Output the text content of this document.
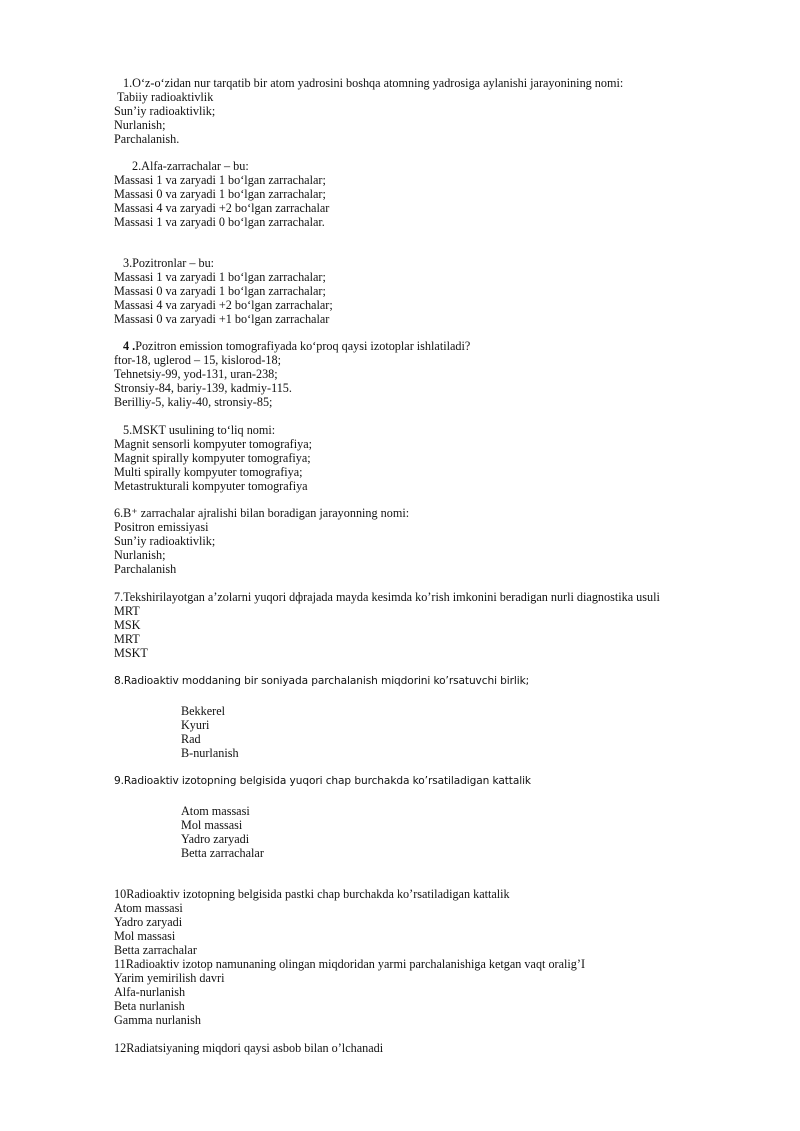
1.Oʻz-oʻzidan nur tarqatib bir atom yadrosini boshqa atomning yadrosiga aylanishi jarayonining nomi:
Tabiiy radioaktivlik
Sun’iy radioaktivlik;
Nurlanish;
Parchalanish.
2.Alfa-zarrachalar – bu:
Massasi 1 va zaryadi 1 boʻlgan zarrachalar;
Massasi 0 va zaryadi 1 boʻlgan zarrachalar;
Massasi 4 va zaryadi +2 boʻlgan zarrachalar
Massasi 1 va zaryadi 0 boʻlgan zarrachalar.
3.Pozitronlar – bu:
Massasi 1 va zaryadi 1 boʻlgan zarrachalar;
Massasi 0 va zaryadi 1 boʻlgan zarrachalar;
Massasi 4 va zaryadi +2 boʻlgan zarrachalar;
Massasi 0 va zaryadi +1 boʻlgan zarrachalar
4 .Pozitron emission tomografiyada koʻproq qaysi izotoplar ishlatiladi?
ftor-18, uglerod – 15, kislorod-18;
Tehnetsiy-99, yod-131, uran-238;
Stronsiy-84, bariy-139, kadmiy-115.
Berilliy-5, kaliy-40, stronsiy-85;
5.MSKT usulining toʻliq nomi:
Magnit sensorli kompyuter tomografiya;
Magnit spirally kompyuter tomografiya;
Multi spirally kompyuter tomografiya;
Metastrukturali kompyuter tomografiya
6.B⁺ zarrachalar ajralishi bilan boradigan jarayonning nomi:
Positron emissiyasi
Sun’iy radioaktivlik;
Nurlanish;
Parchalanish
7.Tekshirilayotgan a’zolarni yuqori dфrajada mayda kesimda ko’rish imkonini beradigan nurli diagnostika usuli
MRT
MSK
MRT
MSKT
8.Radioaktiv moddaning bir soniyada parchalanish miqdorini ko’rsatuvchi birlik;
Bekkerel
Kyuri
Rad
B-nurlanish
9.Radioaktiv izotopning belgisida yuqori chap burchakda ko’rsatiladigan kattalik
Atom massasi
Mol massasi
Yadro zaryadi
Betta zarrachalar
10Radioaktiv izotopning belgisida pastki chap burchakda ko’rsatiladigan kattalik
Atom massasi
Yadro zaryadi
Mol massasi
Betta zarrachalar
11Radioaktiv izotop namunaning olingan miqdoridan yarmi parchalanishiga ketgan vaqt oralig’I
Yarim yemirilish davri
Alfa-nurlanish
Beta nurlanish
Gamma nurlanish
12Radiatsiyaning miqdori qaysi asbob bilan o’lchanadi
